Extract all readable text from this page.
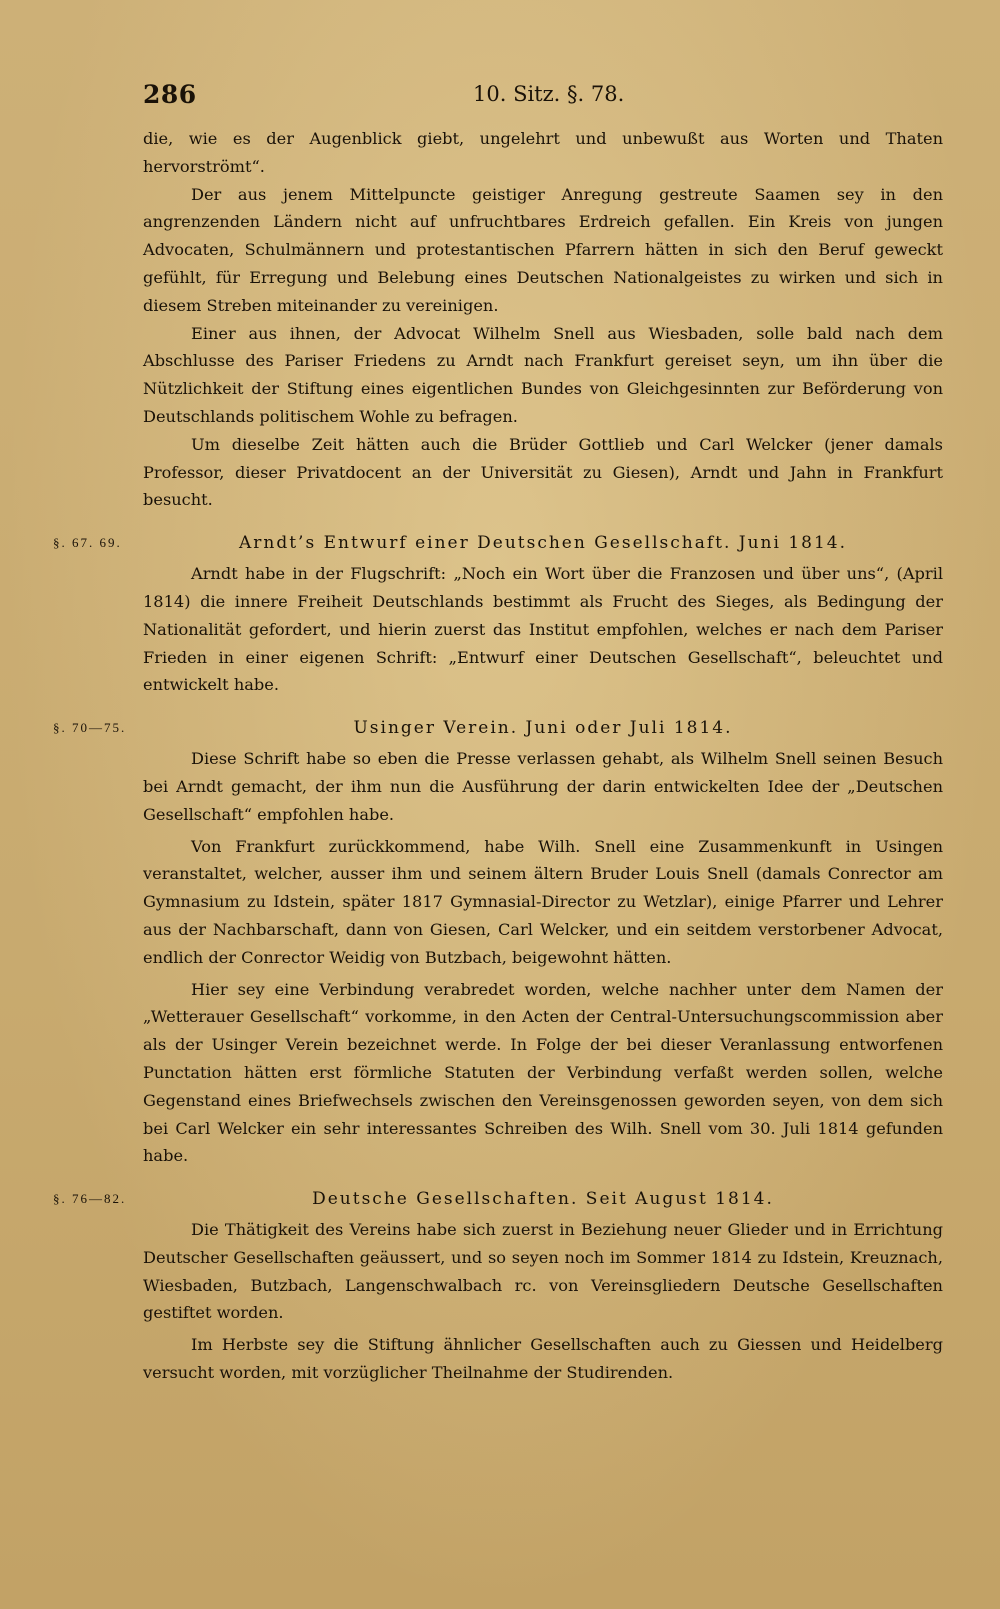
286	10. Sitz. §. 78.

die, wie es der Augenblick giebt, ungelehrt und unbewußt aus Worten und Thaten hervorströmt“.

Der aus jenem Mittelpuncte geistiger Anregung gestreute Saamen sey in den angrenzenden Ländern nicht auf unfruchtbares Erdreich gefallen. Ein Kreis von jungen Advocaten, Schulmännern und protestantischen Pfarrern hätten in sich den Beruf geweckt gefühlt, für Erregung und Belebung eines Deutschen Nationalgeistes zu wirken und sich in diesem Streben miteinander zu vereinigen.

Einer aus ihnen, der Advocat Wilhelm Snell aus Wiesbaden, solle bald nach dem Abschlusse des Pariser Friedens zu Arndt nach Frankfurt gereiset seyn, um ihn über die Nützlichkeit der Stiftung eines eigentlichen Bundes von Gleichgesinnten zur Beförderung von Deutschlands politischem Wohle zu befragen.

Um dieselbe Zeit hätten auch die Brüder Gottlieb und Carl Welcker (jener damals Professor, dieser Privatdocent an der Universität zu Giesen), Arndt und Jahn in Frankfurt besucht.

§. 67. 69.	Arndt’s Entwurf einer Deutschen Gesellschaft. Juni 1814.

Arndt habe in der Flugschrift: „Noch ein Wort über die Franzosen und über uns“, (April 1814) die innere Freiheit Deutschlands bestimmt als Frucht des Sieges, als Bedingung der Nationalität gefordert, und hierin zuerst das Institut empfohlen, welches er nach dem Pariser Frieden in einer eigenen Schrift: „Entwurf einer Deutschen Gesellschaft“, beleuchtet und entwickelt habe.

§. 70—75.	Usinger Verein. Juni oder Juli 1814.

Diese Schrift habe so eben die Presse verlassen gehabt, als Wilhelm Snell seinen Besuch bei Arndt gemacht, der ihm nun die Ausführung der darin entwickelten Idee der „Deutschen Gesellschaft“ empfohlen habe.

Von Frankfurt zurückkommend, habe Wilh. Snell eine Zusammenkunft in Usingen veranstaltet, welcher, ausser ihm und seinem ältern Bruder Louis Snell (damals Conrector am Gymnasium zu Idstein, später 1817 Gymnasial-Director zu Wetzlar), einige Pfarrer und Lehrer aus der Nachbarschaft, dann von Giesen, Carl Welcker, und ein seitdem verstorbener Advocat, endlich der Conrector Weidig von Butzbach, beigewohnt hätten.

Hier sey eine Verbindung verabredet worden, welche nachher unter dem Namen der „Wetterauer Gesellschaft“ vorkomme, in den Acten der Central-Untersuchungscommission aber als der Usinger Verein bezeichnet werde. In Folge der bei dieser Veranlassung entworfenen Punctation hätten erst förmliche Statuten der Verbindung verfaßt werden sollen, welche Gegenstand eines Briefwechsels zwischen den Vereinsgenossen geworden seyen, von dem sich bei Carl Welcker ein sehr interessantes Schreiben des Wilh. Snell vom 30. Juli 1814 gefunden habe.

§. 76—82.	Deutsche Gesellschaften. Seit August 1814.

Die Thätigkeit des Vereins habe sich zuerst in Beziehung neuer Glieder und in Errichtung Deutscher Gesellschaften geäussert, und so seyen noch im Sommer 1814 zu Idstein, Kreuznach, Wiesbaden, Butzbach, Langenschwalbach rc. von Vereinsgliedern Deutsche Gesellschaften gestiftet worden.

Im Herbste sey die Stiftung ähnlicher Gesellschaften auch zu Giessen und Heidelberg versucht worden, mit vorzüglicher Theilnahme der Studirenden.
